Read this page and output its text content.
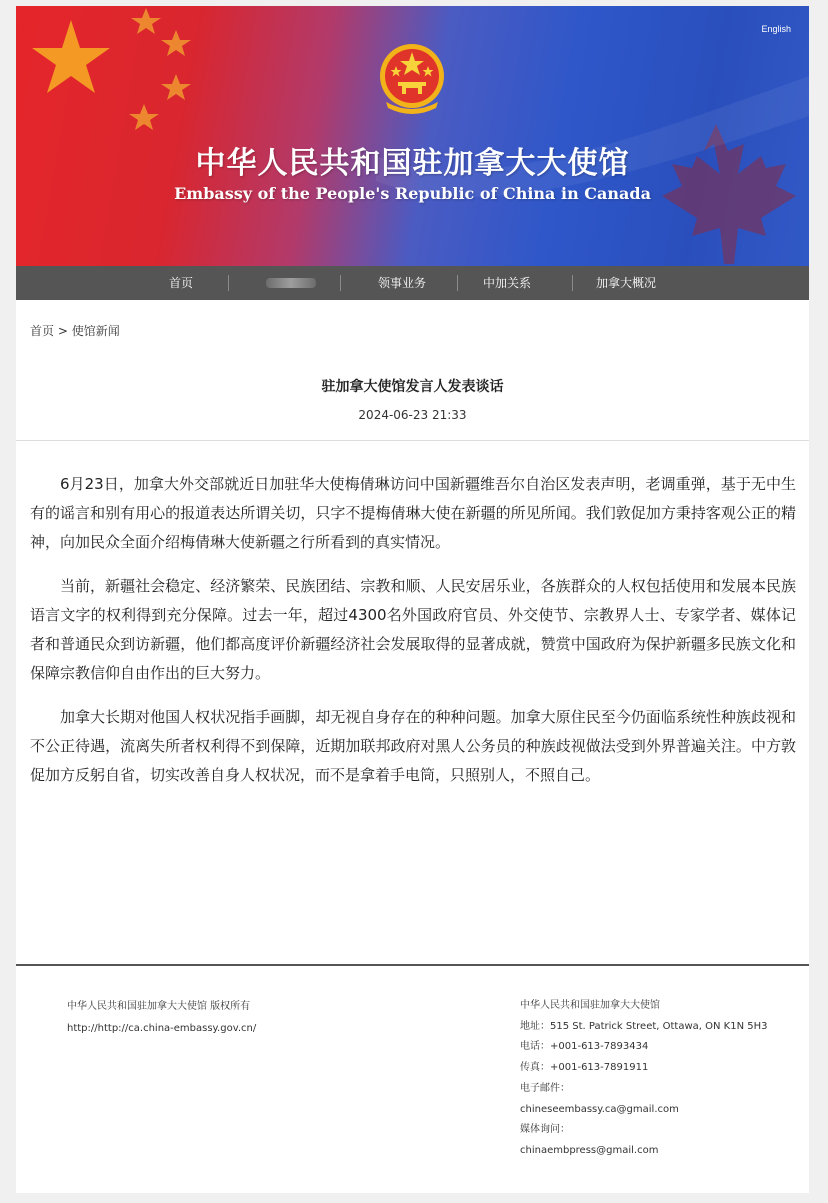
English
中华人民共和国驻加拿大大使馆
Embassy of the People's Republic of China in Canada
首页	领事业务	中加关系	加拿大概况
首页 > 使馆新闻
驻加拿大使馆发言人发表谈话
2024-06-23 21:33

6月23日，加拿大外交部就近日加驻华大使梅倩琳访问中国新疆维吾尔自治区发表声明，老调重弹，基于无中生有的谣言和别有用心的报道表达所谓关切，只字不提梅倩琳大使在新疆的所见所闻。我们敦促加方秉持客观公正的精神，向加民众全面介绍梅倩琳大使新疆之行所看到的真实情况。

当前，新疆社会稳定、经济繁荣、民族团结、宗教和顺、人民安居乐业，各族群众的人权包括使用和发展本民族语言文字的权利得到充分保障。过去一年，超过4300名外国政府官员、外交使节、宗教界人士、专家学者、媒体记者和普通民众到访新疆，他们都高度评价新疆经济社会发展取得的显著成就，赞赏中国政府为保护新疆多民族文化和保障宗教信仰自由作出的巨大努力。

加拿大长期对他国人权状况指手画脚，却无视自身存在的种种问题。加拿大原住民至今仍面临系统性种族歧视和不公正待遇，流离失所者权利得不到保障，近期加联邦政府对黑人公务员的种族歧视做法受到外界普遍关注。中方敦促加方反躬自省，切实改善自身人权状况，而不是拿着手电筒，只照别人，不照自己。

中华人民共和国驻加拿大大使馆 版权所有
http://http://ca.china-embassy.gov.cn/
中华人民共和国驻加拿大大使馆
地址：515 St. Patrick Street, Ottawa, ON K1N 5H3
电话：+001-613-7893434
传真：+001-613-7891911
电子邮件：
chineseembassy.ca@gmail.com
媒体询问：
chinaembpress@gmail.com
